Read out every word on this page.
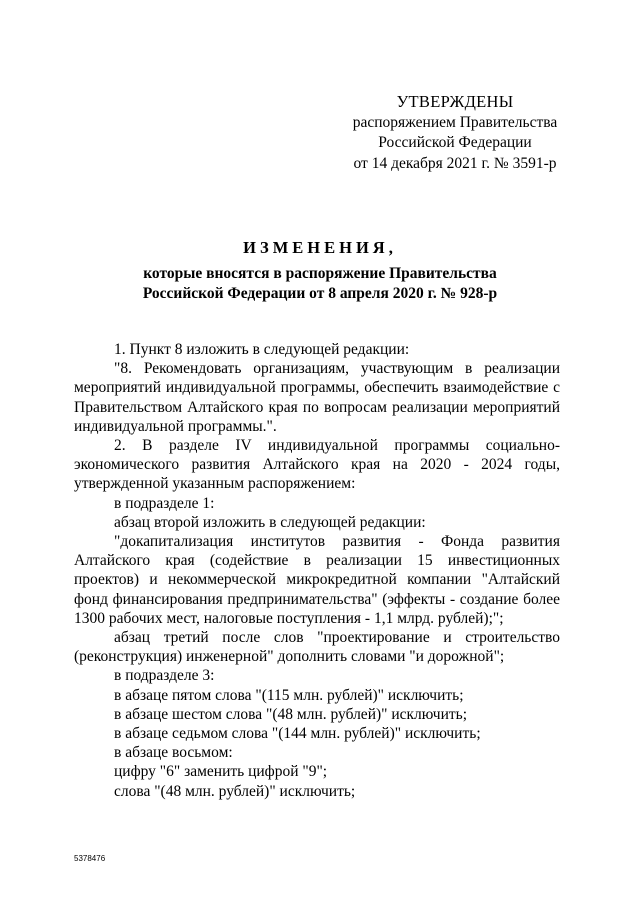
УТВЕРЖДЕНЫ
распоряжением Правительства
Российской Федерации
от 14 декабря 2021 г. № 3591-р
ИЗМЕНЕНИЯ,
которые вносятся в распоряжение Правительства
Российской Федерации от 8 апреля 2020 г. № 928-р

1. Пункт 8 изложить в следующей редакции:

"8. Рекомендовать организациям, участвующим в реализации мероприятий индивидуальной программы, обеспечить взаимодействие с Правительством Алтайского края по вопросам реализации мероприятий индивидуальной программы.".

2. В разделе IV индивидуальной программы социально-экономического развития Алтайского края на 2020 - 2024 годы, утвержденной указанным распоряжением:

в подразделе 1:

абзац второй изложить в следующей редакции:

"докапитализация институтов развития - Фонда развития Алтайского края (содействие в реализации 15 инвестиционных проектов) и некоммерческой микрокредитной компании "Алтайский фонд финансирования предпринимательства" (эффекты - создание более 1300 рабочих мест, налоговые поступления - 1,1 млрд. рублей);";

абзац третий после слов "проектирование и строительство (реконструкция) инженерной" дополнить словами "и дорожной";

в подразделе 3:

в абзаце пятом слова "(115 млн. рублей)" исключить;

в абзаце шестом слова "(48 млн. рублей)" исключить;

в абзаце седьмом слова "(144 млн. рублей)" исключить;

в абзаце восьмом:

цифру "6" заменить цифрой "9";

слова "(48 млн. рублей)" исключить;

5378476
